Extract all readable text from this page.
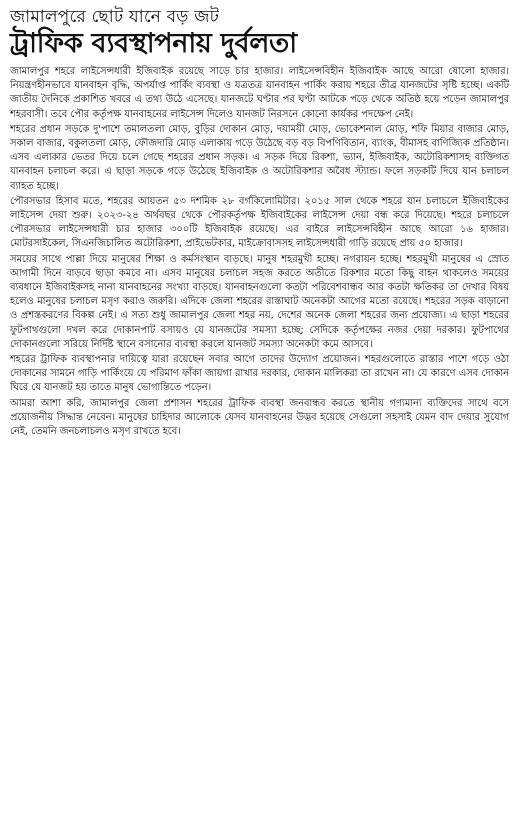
জামালপুরে ছোট যানে বড় জট
ট্রাফিক ব্যবস্থাপনায় দুর্বলতা

জামালপুর শহরে লাইসেন্সধারী ইজিবাইক রয়েছে সাড়ে চার হাজার। লাইসেন্সবিহীন ইজিবাইক আছে আরো ষোলো হাজার। নিয়ন্ত্রণহীনভাবে যানবাহন বৃদ্ধি, অপর্যাপ্ত পার্কিং ব্যবস্থা ও যত্রতত্র যানবাহন পার্কিং করায় শহরে তীব্র যানজটের সৃষ্টি হচ্ছে। একটি জাতীয় দৈনিকে প্রকাশিত খবরে এ তথ্য উঠে এসেছে। যানজটে ঘণ্টার পর ঘণ্টা আটকে পড়ে থেকে অতিষ্ঠ হয়ে পড়েন জামালপুর শহরবাসী। তবে পৌর কর্তৃপক্ষ যানবাহনের লাইসেন্স দিলেও যানজট নিরসনে কোনো কার্যকর পদক্ষেপ নেই।

শহরের প্রধান সড়কে দু'পাশে তমালতলা মোড়, বুড়ির দোকান মোড়, দয়াময়ী মোড়, ভোকেশনাল মোড়, শফি মিয়ার বাজার মোড়, সকাল বাজার, বকুলতলা মোড়, ফৌজদারি মোড় এলাকায় গড়ে উঠেছে বড় বড় বিপণিবিতান, ব্যাংক, বীমাসহ বাণিজ্যিক প্রতিষ্ঠান। এসব এলাকার ভেতর দিয়ে চলে গেছে শহরের প্রধান সড়ক। এ সড়ক দিয়ে রিকশা, ভ্যান, ইজিবাইক, অটোরিকশাসহ ব্যক্তিগত যানবাহন চলাচল করে। এ ছাড়া সড়কে গড়ে উঠেছে ইজিবাইক ও অটোরিকশার অবৈধ স্ট্যান্ড। ফলে সড়কটি দিয়ে যান চলাচল ব্যাহত হচ্ছে।

পৌরসভার হিসাব মতে, শহরের আয়তন ৫৩ দশমিক ২৮ বর্গকিলোমিটার। ২০১৫ সাল থেকে শহরে যান চলাচলে ইজিবাইকের লাইসেন্স দেয়া শুরু। ২০২৩-২৪ অর্থবছর থেকে পৌরকর্তৃপক্ষ ইজিবাইকের লাইসেন্স দেয়া বন্ধ করে দিয়েছে। শহরে চলাচলে পৌরসভার লাইসেন্সধারী চার হাজার ৩০০টি ইজিবাইক রয়েছে। এর বাইরে লাইসেন্সবিহীন আছে আরো ১৬ হাজার। মোটরসাইকেল, সিএনজিচালিত অটোরিকশা, প্রাইভেটকার, মাইক্রোবাসসহ লাইসেন্সধারী গাড়ি রয়েছে প্রায় ৫০ হাজার।

সময়ের সাথে পাল্লা দিয়ে মানুষের শিক্ষা ও কর্মসংস্থান বাড়ছে। মানুষ শহরমুখী হচ্ছে। নগরায়ন হচ্ছে। শহরমুখী মানুষের এ স্রোত আগামী দিনে বাড়বে ছাড়া কমবে না। এসব মানুষের চলাচল সহজ করতে অতীতে রিকশার মতো কিছু বাহন থাকলেও সময়ের ব্যবধানে ইজিবাইকসহ নানা যানবাহনের সংখ্যা বাড়ছে। যানবাহনগুলো কতটা পরিবেশবান্ধব আর কতটা ক্ষতিকর তা দেখার বিষয় হলেও মানুষের চলাচল মসৃণ করাও জরুরি। এদিকে জেলা শহরের রাস্তাঘাট অনেকটা আগের মতো রয়েছে। শহরের সড়ক বাড়ানো ও প্রশস্তকরণের বিকল্প নেই। এ সত্য শুধু জামালপুর জেলা শহর নয়, দেশের অনেক জেলা শহরের জন্য প্রযোজ্য। এ ছাড়া শহরের ফুটপাথগুলো দখল করে দোকানপাট বসায়ও যে যানজটের সমস্যা হচ্ছে; সেদিকে কর্তৃপক্ষের নজর দেয়া দরকার। ফুটপাথের দোকানগুলো সরিয়ে নির্দিষ্ট স্থানে বসানোর ব্যবস্থা করলে যানজট সমস্যা অনেকটা কমে আসবে।

শহরের ট্রাফিক ব্যবস্থাপনার দায়িত্বে যারা রয়েছেন সবার আগে তাদের উদ্যোগ প্রয়োজন। শহরগুলোতে রাস্তার পাশে গড়ে ওঠা দোকানের সামনে গাড়ি পার্কিংয়ে যে পরিমাণ ফাঁকা জায়গা রাখার দরকার, দোকান মালিকরা তা রাখেন না। যে কারণে এসব দোকান ঘিরে যে যানজট হয় তাতে মানুষ ভোগান্তিতে পড়েন।

আমরা আশা করি, জামালপুর জেলা প্রশাসন শহরের ট্রাফিক ব্যবস্থা জনবান্ধব করতে স্থানীয় গণ্যমান্য ব্যক্তিদের সাথে বসে প্রয়োজনীয় সিদ্ধান্ত নেবেন। মানুষের চাহিদার আলোকে যেসব যানবাহনের উদ্ভব হয়েছে সেগুলো সহসাই যেমন বাদ দেয়ার সুযোগ নেই, তেমনি জনচলাচলও মসৃণ রাখতে হবে।
